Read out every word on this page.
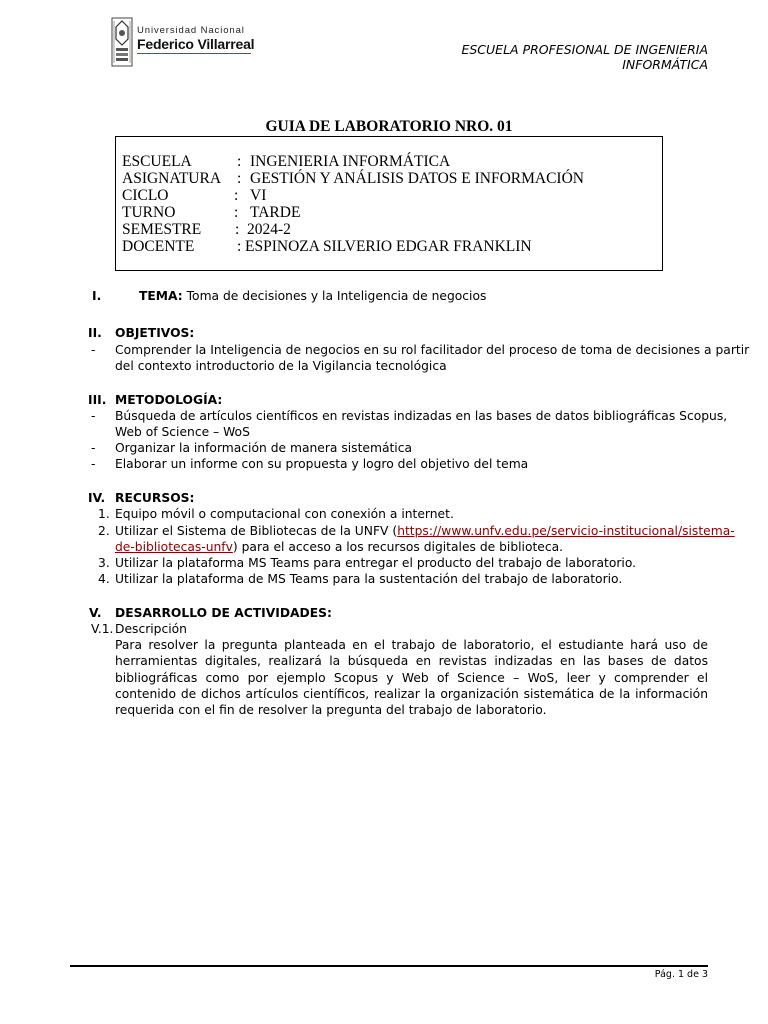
Universidad Nacional
Federico Villarreal	ESCUELA PROFESIONAL DE INGENIERIA
INFORMÁTICA
GUIA DE LABORATORIO NRO. 01
ESCUELA	: INGENIERIA INFORMÁTICA
ASIGNATURA : GESTIÓN Y ANÁLISIS DATOS E INFORMACIÓN
CICLO	: VI
TURNO	: TARDE
SEMESTRE : 2024-2
DOCENTE	: ESPINOZA SILVERIO EDGAR FRANKLIN
I.	TEMA: Toma de decisiones y la Inteligencia de negocios
II. OBJETIVOS:
- Comprender la Inteligencia de negocios en su rol facilitador del proceso de toma de decisiones a partir
del contexto introductorio de la Vigilancia tecnológica
III. METODOLOGÍA:
- Búsqueda de artículos científicos en revistas indizadas en las bases de datos bibliográficas Scopus,
Web of Science – WoS
- Organizar la información de manera sistemática
- Elaborar un informe con su propuesta y logro del objetivo del tema
IV. RECURSOS:
1. Equipo móvil o computacional con conexión a internet.
2. Utilizar el Sistema de Bibliotecas de la UNFV (https://www.unfv.edu.pe/servicio-institucional/sistema-
de-bibliotecas-unfv) para el acceso a los recursos digitales de biblioteca.
3. Utilizar la plataforma MS Teams para entregar el producto del trabajo de laboratorio.
4. Utilizar la plataforma de MS Teams para la sustentación del trabajo de laboratorio.
V. DESARROLLO DE ACTIVIDADES:
V.1. Descripción
Para resolver la pregunta planteada en el trabajo de laboratorio, el estudiante hará uso de herramientas digitales, realizará la búsqueda en revistas indizadas en las bases de datos bibliográficas como por ejemplo Scopus y Web of Science – WoS, leer y comprender el contenido de dichos artículos científicos, realizar la organización sistemática de la información requerida con el fin de resolver la pregunta del trabajo de laboratorio.
Pág. 1 de 3
